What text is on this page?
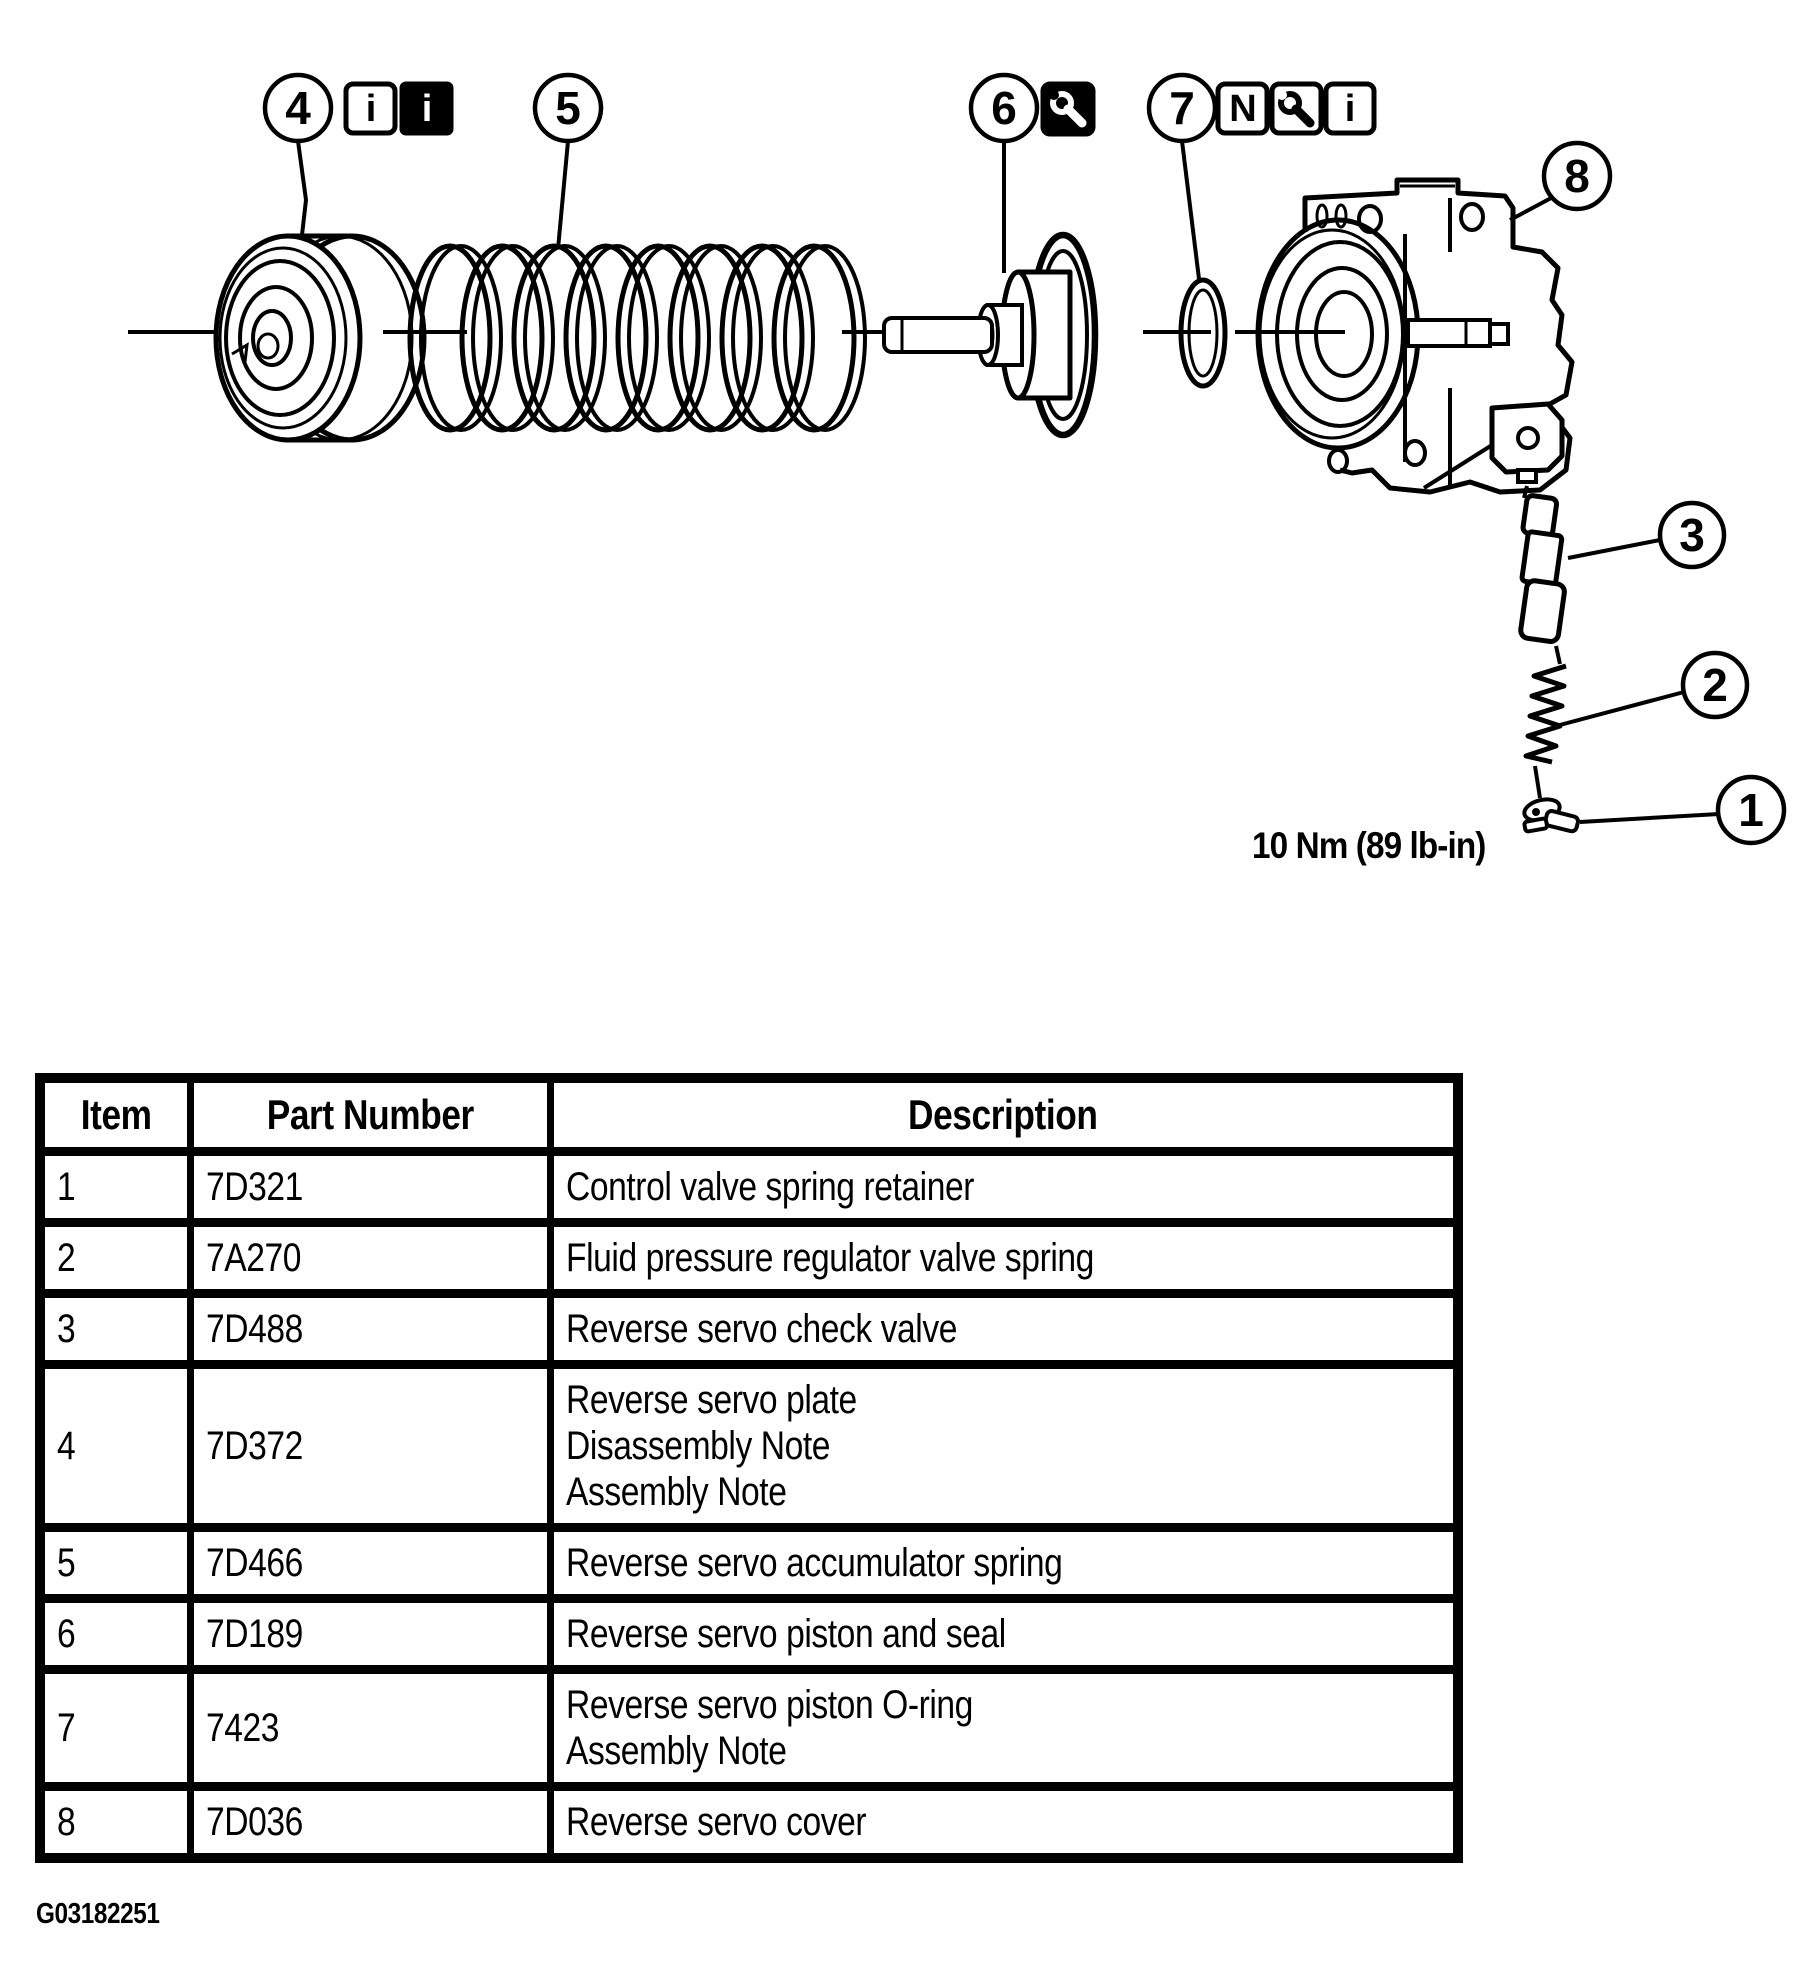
4	5	6	7
8
3
2
1
i i	N i
10 Nm (89 lb-in)
Item	Part Number	Description
1	7D321	Control valve spring retainer

2	7A270	Fluid pressure regulator valve spring

3	7D488	Reverse servo check valve

4	7D372	Reverse servo plate
Disassembly Note
Assembly Note

5	7D466	Reverse servo accumulator spring

6	7D189	Reverse servo piston and seal

7	7423	Reverse servo piston O-ring
Assembly Note

8	7D036	Reverse servo cover
G03182251
